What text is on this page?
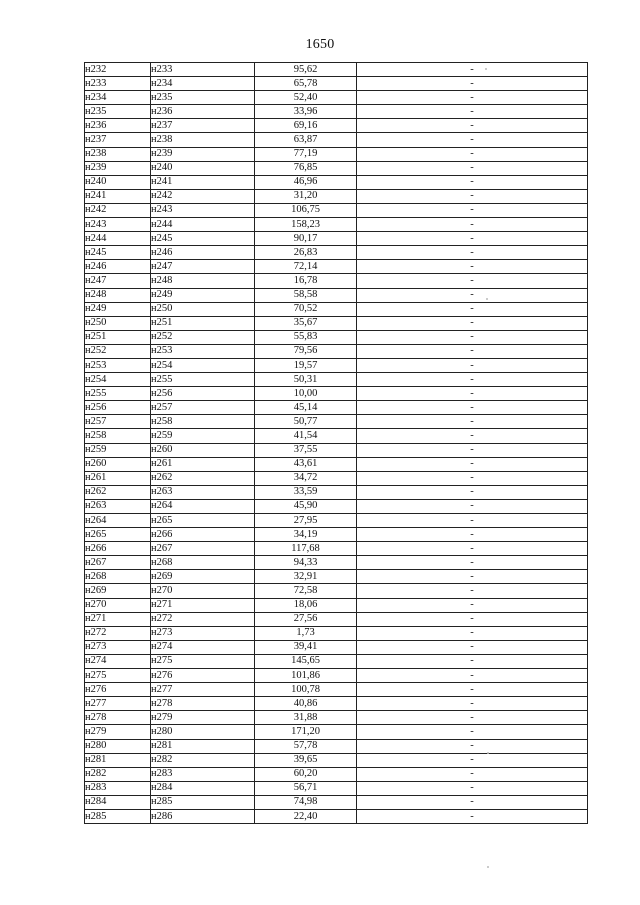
1650
н232	н233	95,62	-
н233	н234	65,78	-
н234	н235	52,40	-
н235	н236	33,96	-
н236	н237	69,16	-
н237	н238	63,87	-
н238	н239	77,19	-
н239	н240	76,85	-
н240	н241	46,96	-
н241	н242	31,20	-
н242	н243	106,75	-
н243	н244	158,23	-
н244	н245	90,17	-
н245	н246	26,83	-
н246	н247	72,14	-
н247	н248	16,78	-
н248	н249	58,58	-
н249	н250	70,52	-
н250	н251	35,67	-
н251	н252	55,83	-
н252	н253	79,56	-
н253	н254	19,57	-
н254	н255	50,31	-
н255	н256	10,00	-
н256	н257	45,14	-
н257	н258	50,77	-
н258	н259	41,54	-
н259	н260	37,55	-
н260	н261	43,61	-
н261	н262	34,72	-
н262	н263	33,59	-
н263	н264	45,90	-
н264	н265	27,95	-
н265	н266	34,19	-
н266	н267	117,68	-
н267	н268	94,33	-
н268	н269	32,91	-
н269	н270	72,58	-
н270	н271	18,06	-
н271	н272	27,56	-
н272	н273	1,73	-
н273	н274	39,41	-
н274	н275	145,65	-
н275	н276	101,86	-
н276	н277	100,78	-
н277	н278	40,86	-
н278	н279	31,88	-
н279	н280	171,20	-
н280	н281	57,78	-
н281	н282	39,65	-
н282	н283	60,20	-
н283	н284	56,71	-
н284	н285	74,98	-
н285	н286	22,40	-
